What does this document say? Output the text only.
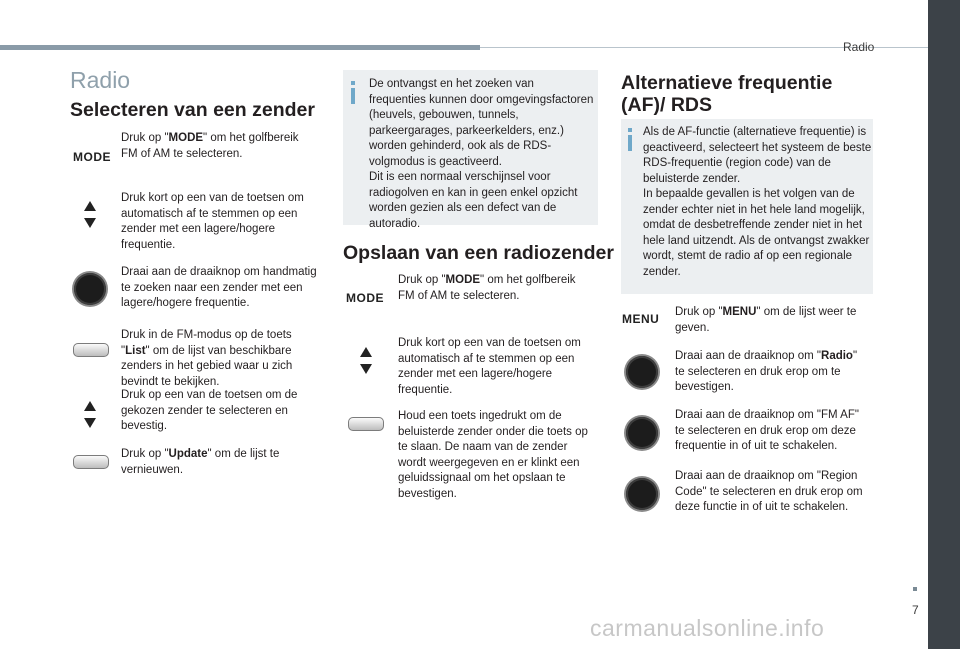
Radio
Radio
Selecteren van een zender
MODE
Druk op "MODE" om het golfbereik FM of AM te selecteren.
Druk kort op een van de toetsen om automatisch af te stemmen op een zender met een lagere/hogere frequentie.
Draai aan de draaiknop om handmatig te zoeken naar een zender met een lagere/hogere frequentie.
Druk in de FM-modus op de toets "List" om de lijst van beschikbare zenders in het gebied waar u zich bevindt te bekijken.
Druk op een van de toetsen om de gekozen zender te selecteren en bevestig.
Druk op "Update" om de lijst te vernieuwen.
De ontvangst en het zoeken van frequenties kunnen door omgevingsfactoren (heuvels, gebouwen, tunnels, parkeergarages, parkeerkelders, enz.) worden gehinderd, ook als de RDS-volgmodus is geactiveerd.
Dit is een normaal verschijnsel voor radiogolven en kan in geen enkel opzicht worden gezien als een defect van de autoradio.
Opslaan van een radiozender
MODE
Druk op "MODE" om het golfbereik FM of AM te selecteren.
Druk kort op een van de toetsen om automatisch af te stemmen op een zender met een lagere/hogere frequentie.
Houd een toets ingedrukt om de beluisterde zender onder die toets op te slaan. De naam van de zender wordt weergegeven en er klinkt een geluidssignaal om het opslaan te bevestigen.
Alternatieve frequentie (AF)/ RDS
Als de AF-functie (alternatieve frequentie) is geactiveerd, selecteert het systeem de beste RDS-frequentie (region code) van de beluisterde zender.
In bepaalde gevallen is het volgen van de zender echter niet in het hele land mogelijk, omdat de desbetreffende zender niet in het hele land uitzendt. Als de ontvangst zwakker wordt, stemt de radio af op een regionale zender.
MENU Druk op "MENU" om de lijst weer te geven.
Draai aan de draaiknop om "Radio" te selecteren en druk erop om te bevestigen.
Draai aan de draaiknop om "FM AF" te selecteren en druk erop om deze frequentie in of uit te schakelen.
Draai aan de draaiknop om "Region Code" te selecteren en druk erop om deze functie in of uit te schakelen.
7
carmanualsonline.info
